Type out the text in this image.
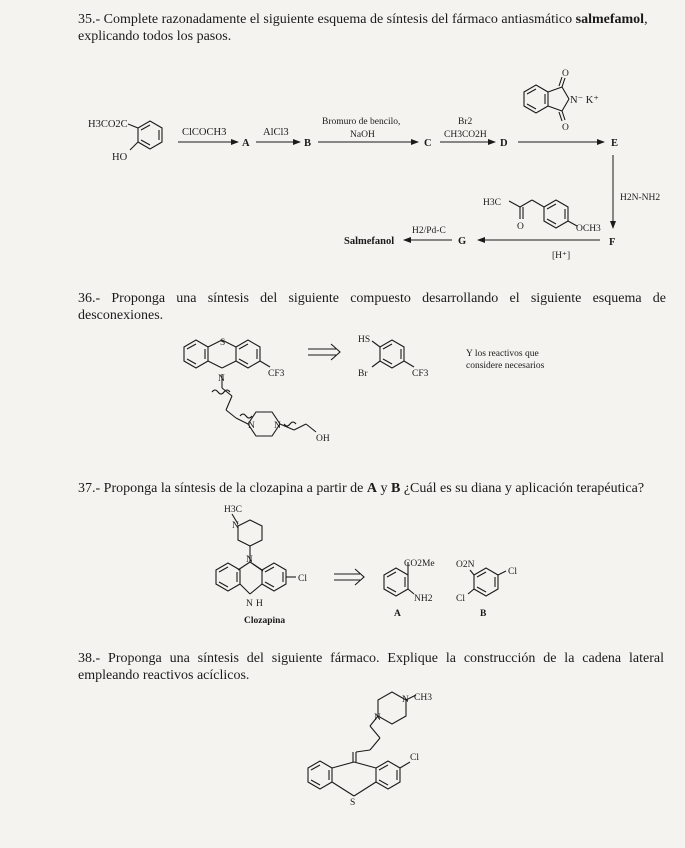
35.- Complete razonadamente el siguiente esquema de síntesis del fármaco antiasmático salmefamol,
explicando todos los pasos.
36.- Proponga una síntesis del siguiente compuesto desarrollando el siguiente esquema de desconexiones.
37.- Proponga la síntesis de la clozapina a partir de A y B ¿Cuál es su diana y aplicación terapéutica?
38.- Proponga una síntesis del siguiente fármaco. Explique la construcción de la cadena lateral empleando reactivos acíclicos.
H3CO2C
HO
ClCOCH3
A
AlCl3
B
Bromuro de bencilo,
NaOH
C
Br2
CH3CO2H
D	E
O
O
N⁻ K⁺
H2N-NH2
F
H3C
O	OCH3
[H⁺]
G
H2/Pd-C
Salmefanol
S
N	CF3
N N
OH
HS
Br	CF3
Y los reactivos que
considere necesarios
H3C
N
N
N H
Cl
Clozapina
CO2Me
NH2
A
O2N
Cl
Cl
B
N
N CH3
Cl
S
